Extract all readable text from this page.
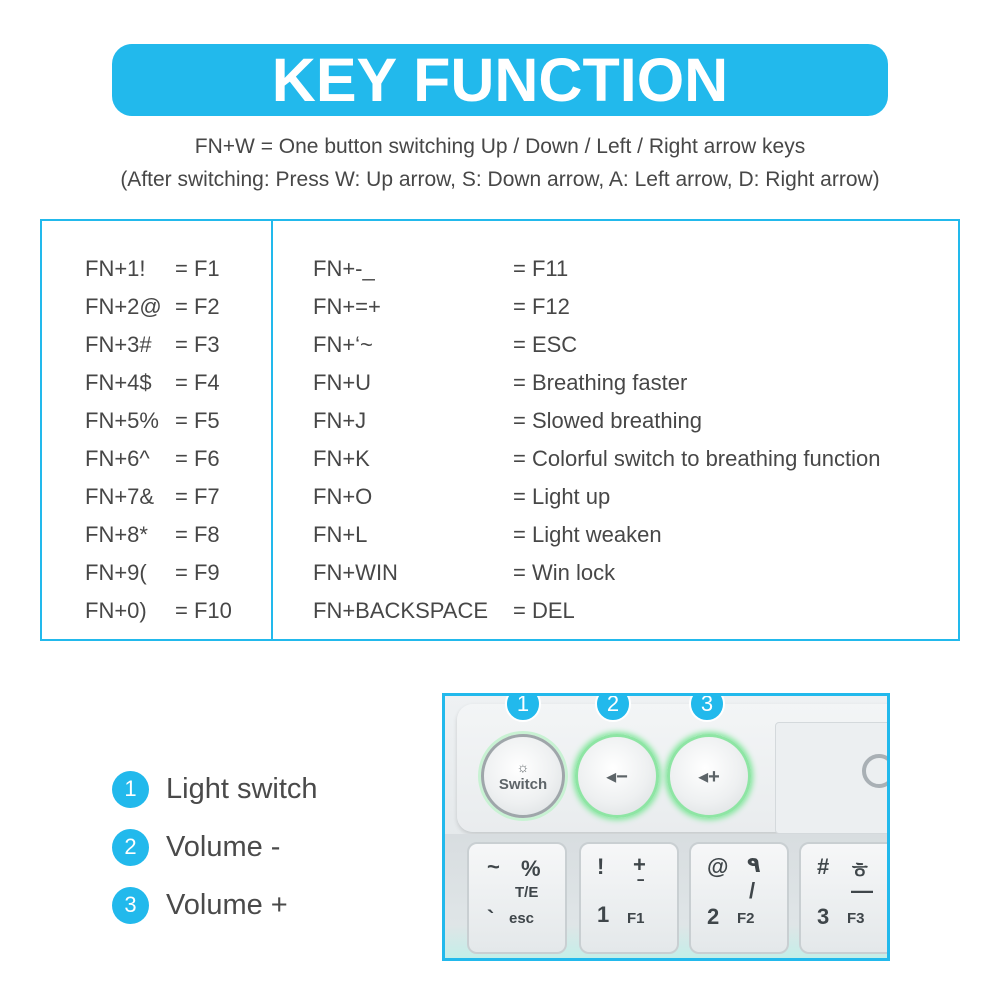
KEY FUNCTION
FN+W = One button switching Up / Down / Left / Right arrow keys
(After switching: Press W: Up arrow, S: Down arrow, A: Left arrow, D: Right arrow)
FN+1!	= F1
FN+2@ = F2
FN+3#	= F3
FN+4$	= F4
FN+5% = F5
FN+6^	= F6
FN+7& = F7
FN+8*	= F8
FN+9(	= F9
FN+0)	= F10
FN+-_	= F11
FN+=+	= F12
FN+‘~	= ESC
FN+U	= Breathing faster
FN+J	= Slowed breathing
FN+K	= Colorful switch to breathing function
FN+O	= Light up
FN+L	= Light weaken
FN+WIN	= Win lock
FN+BACKSPACE	= DEL
1	Light switch
2	Volume -
3	Volume +
☼
Switch	◂−	◂+
1	2	3
~ %
T/E
` esc
! +
ˉ
1 F1
@ ۹
/
2 F2
# ㅎ
—
3 F3
